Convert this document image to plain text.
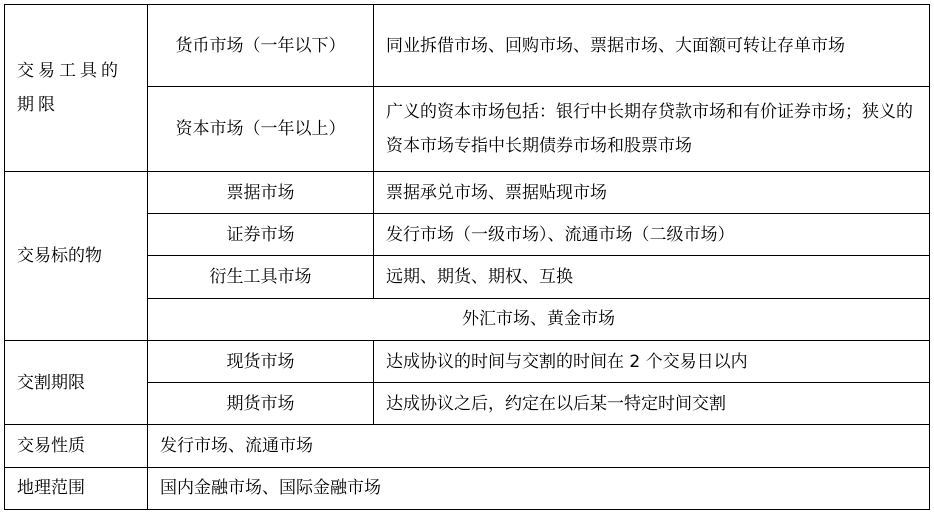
交易工具的期限	货币市场（一年以下）	同业拆借市场、回购市场、票据市场、大面额可转让存单市场
	资本市场（一年以上）	广义的资本市场包括：银行中长期存贷款市场和有价证券市场；狭义的资本市场专指中长期债券市场和股票市场
交易标的物	票据市场	票据承兑市场、票据贴现市场
	证券市场	发行市场（一级市场）、流通市场（二级市场）
	衍生工具市场	远期、期货、期权、互换
	外汇市场、黄金市场	
交割期限	现货市场	达成协议的时间与交割的时间在 2 个交易日以内
	期货市场	达成协议之后，约定在以后某一特定时间交割
交易性质	发行市场、流通市场	
地理范围	国内金融市场、国际金融市场	
